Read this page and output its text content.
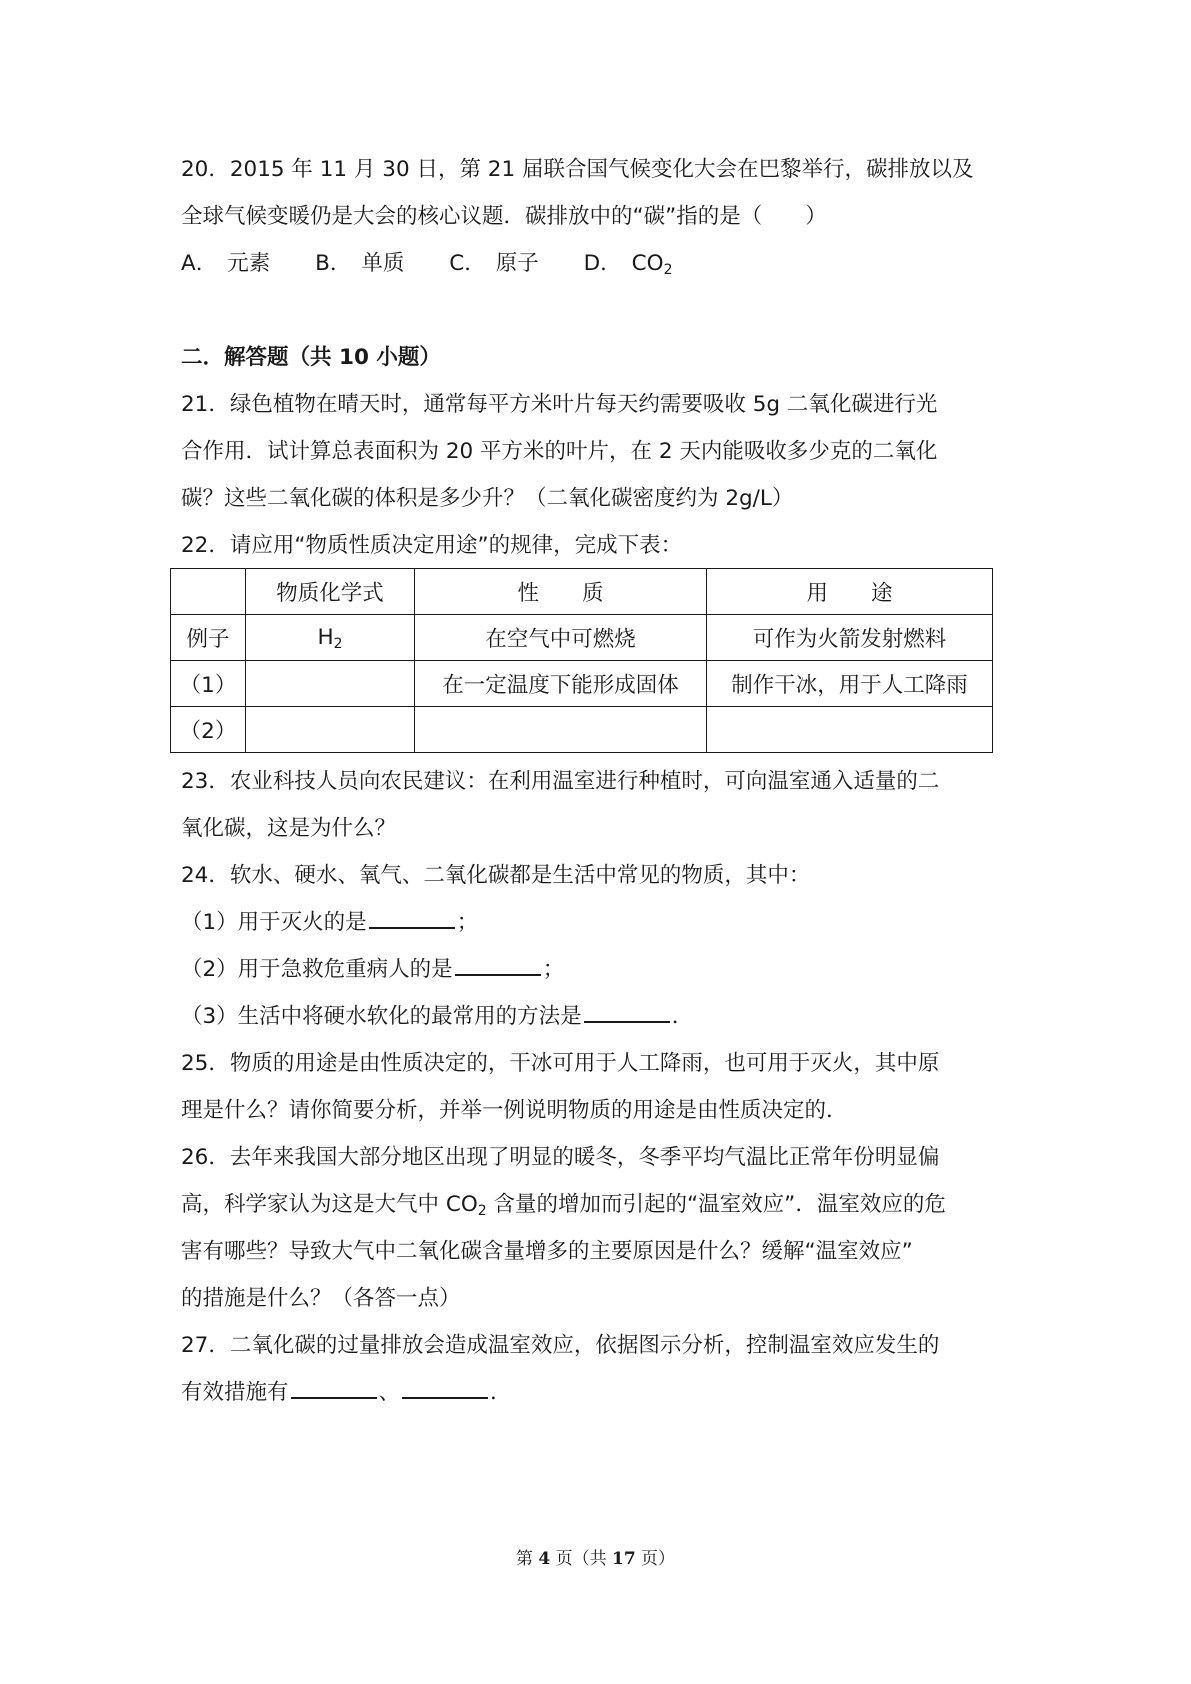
20．2015 年 11 月 30 日，第 21 届联合国气候变化大会在巴黎举行，碳排放以及
全球气候变暖仍是大会的核心议题．碳排放中的“碳”指的是（　　）
A． 元素 B． 单质 C． 原子 D． $CO_2$
二．解答题（共 10 小题）
21．绿色植物在晴天时，通常每平方米叶片每天约需要吸收 5g 二氧化碳进行光
合作用．试计算总表面积为 20 平方米的叶片，在 2 天内能吸收多少克的二氧化
碳？这些二氧化碳的体积是多少升？（二氧化碳密度约为 2g/L）
22．请应用“物质性质决定用途”的规律，完成下表：
	物质化学式	性　　质	用　　途
例子	$H_2$	在空气中可燃烧	可作为火箭发射燃料
（1）		在一定温度下能形成固体	制作干冰，用于人工降雨
（2）			
23．农业科技人员向农民建议：在利用温室进行种植时，可向温室通入适量的二
氧化碳，这是为什么？
24．软水、硬水、氧气、二氧化碳都是生活中常见的物质，其中：
（1）用于灭火的是	；
（2）用于急救危重病人的是	；
（3）生活中将硬水软化的最常用的方法是	．
25．物质的用途是由性质决定的，干冰可用于人工降雨，也可用于灭火，其中原
理是什么？请你简要分析，并举一例说明物质的用途是由性质决定的．
26．去年来我国大部分地区出现了明显的暖冬，冬季平均气温比正常年份明显偏
高，科学家认为这是大气中 $CO_2$ 含量的增加而引起的“温室效应”．温室效应的危
害有哪些？导致大气中二氧化碳含量增多的主要原因是什么？缓解“温室效应”
的措施是什么？（各答一点）
27．二氧化碳的过量排放会造成温室效应，依据图示分析，控制温室效应发生的
有效措施有	、	．
第 4 页（共 17 页）
